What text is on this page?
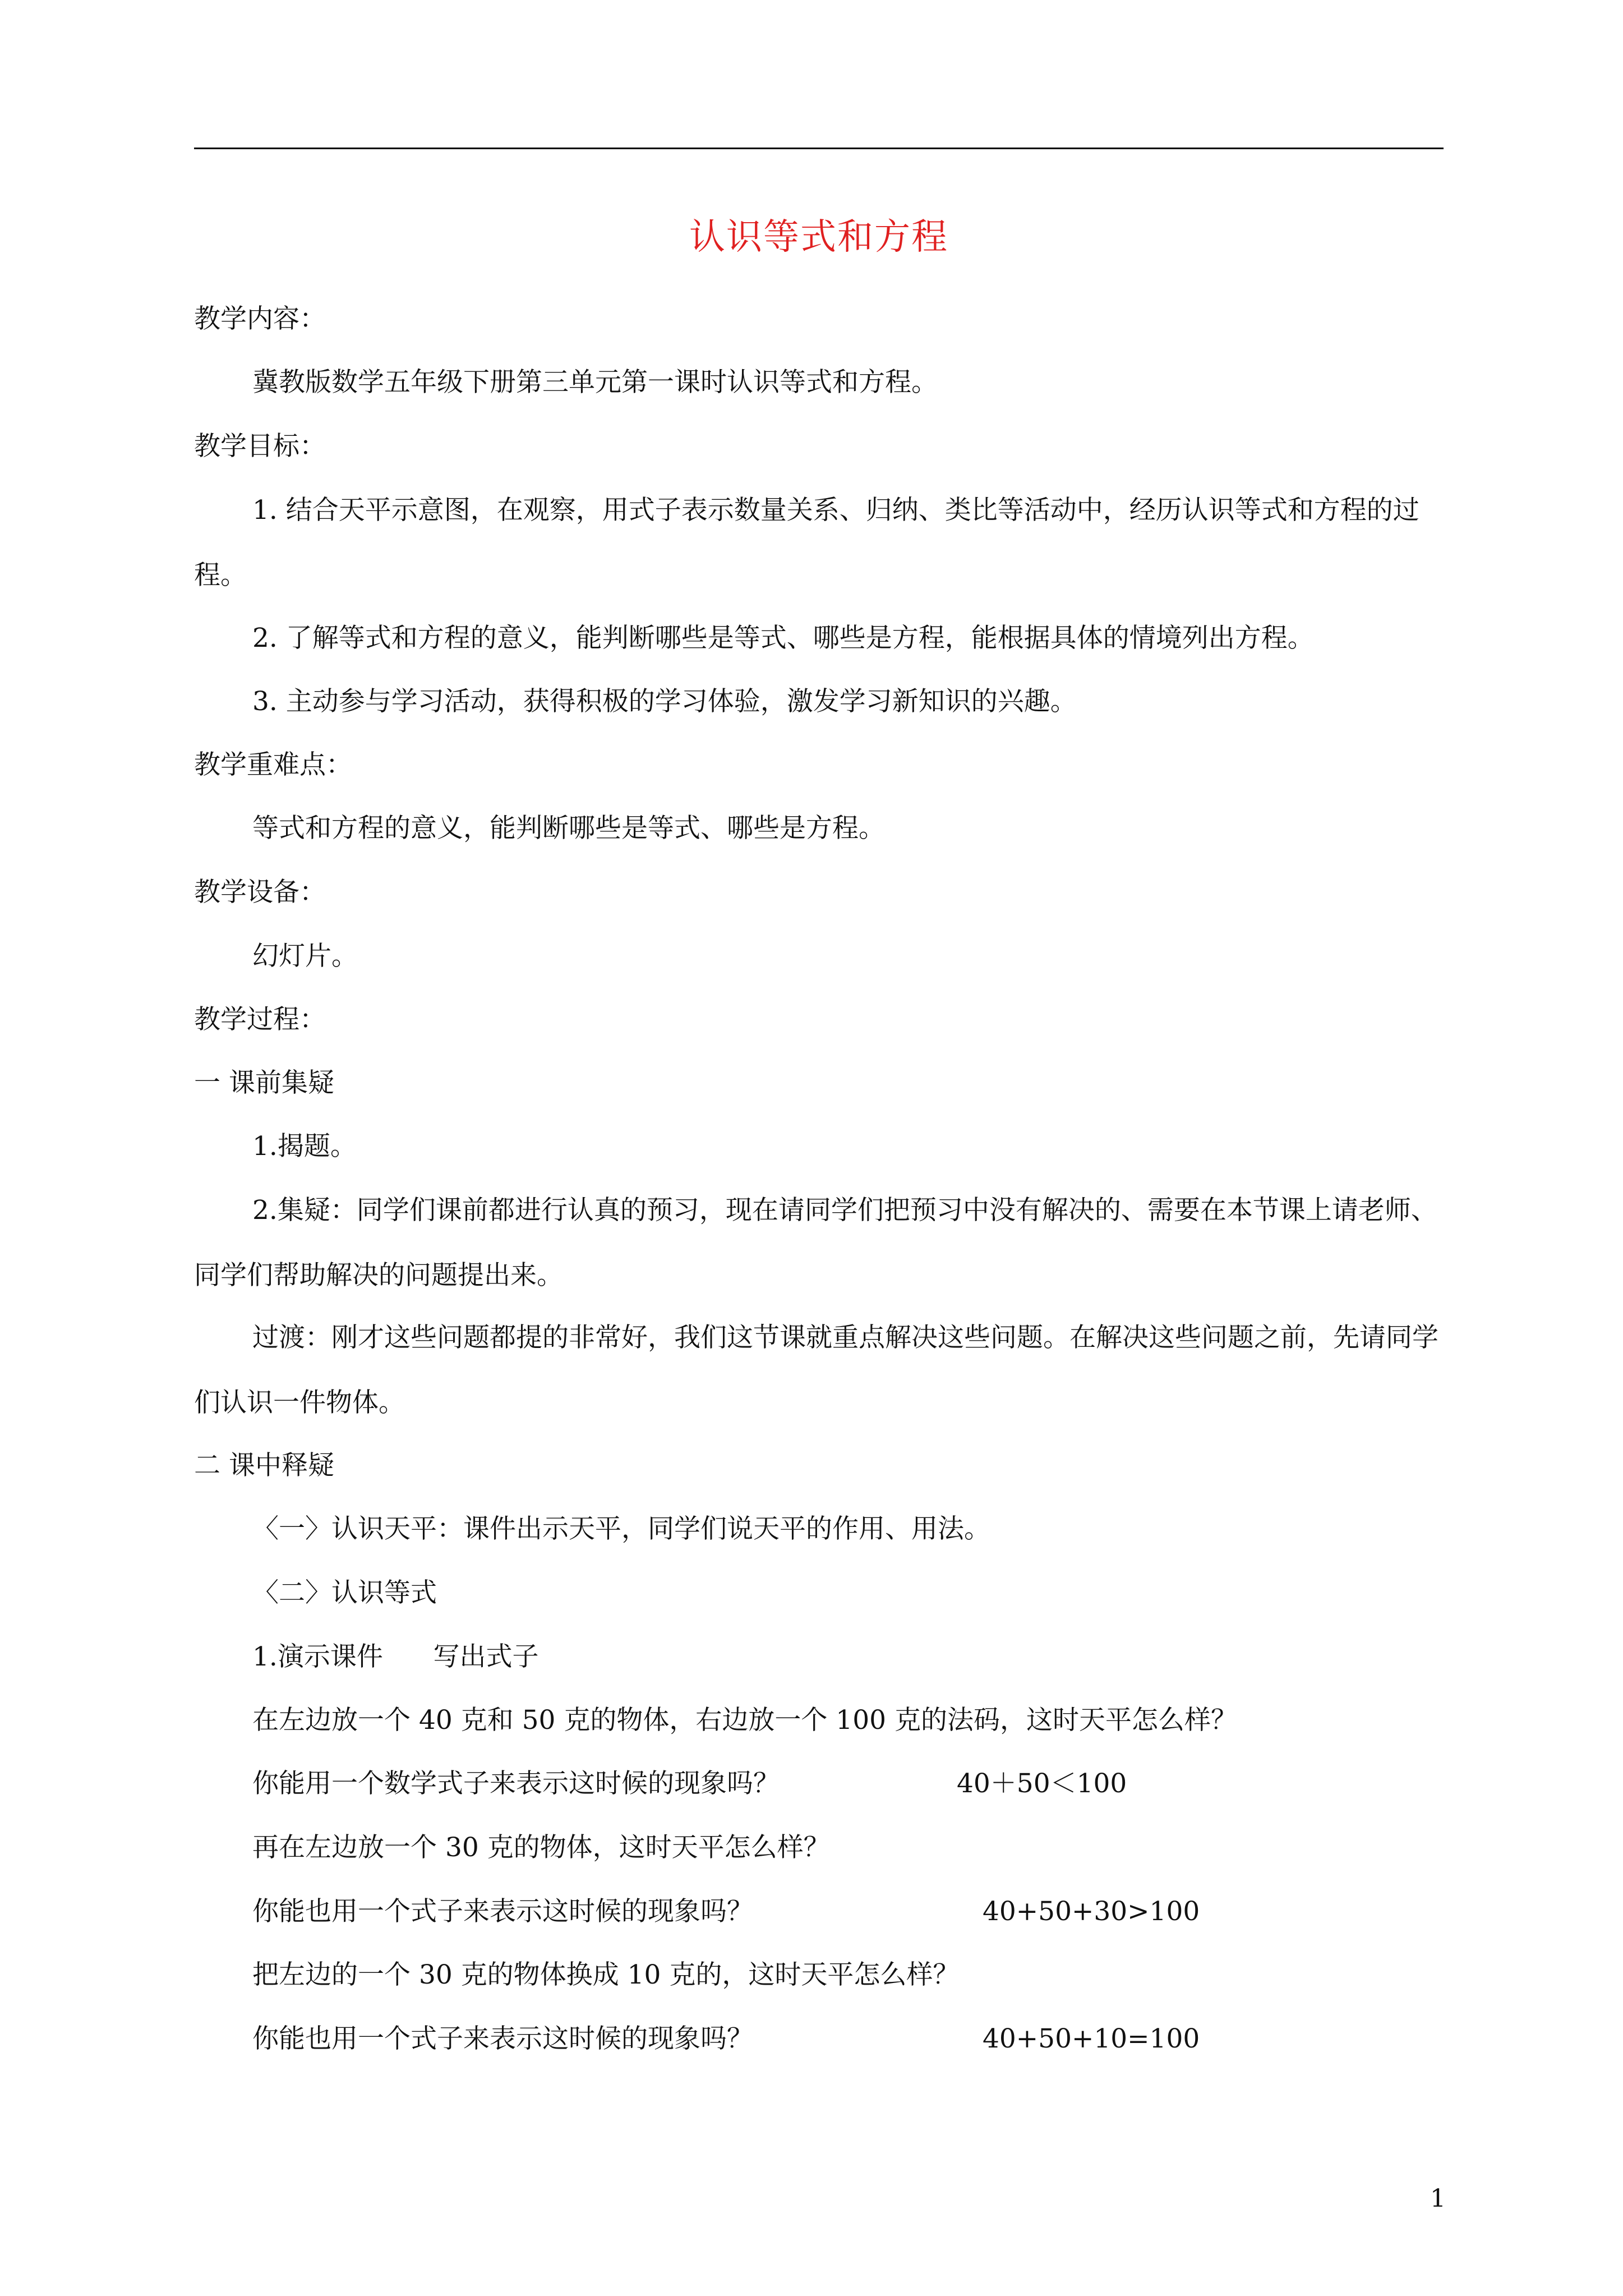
认识等式和方程
教学内容：
冀教版数学五年级下册第三单元第一课时认识等式和方程。
教学目标：
1. 结合天平示意图，在观察，用式子表示数量关系、归纳、类比等活动中，经历认识等式和方程的过程。
2. 了解等式和方程的意义，能判断哪些是等式、哪些是方程，能根据具体的情境列出方程。
3. 主动参与学习活动，获得积极的学习体验，激发学习新知识的兴趣。
教学重难点：
等式和方程的意义，能判断哪些是等式、哪些是方程。
教学设备：
幻灯片。
教学过程：
一 课前集疑
1.揭题。
2.集疑：同学们课前都进行认真的预习，现在请同学们把预习中没有解决的、需要在本节课上请老师、同学们帮助解决的问题提出来。
过渡：刚才这些问题都提的非常好，我们这节课就重点解决这些问题。在解决这些问题之前，先请同学们认识一件物体。
二 课中释疑
〈一〉认识天平：课件出示天平，同学们说天平的作用、用法。
〈二〉认识等式
1.演示课件      写出式子
在左边放一个 40 克和 50 克的物体，右边放一个 100 克的法码，这时天平怎么样？
你能用一个数学式子来表示这时候的现象吗？	40＋50＜100
再在左边放一个 30 克的物体，这时天平怎么样？
你能也用一个式子来表示这时候的现象吗？	40+50+30>100
把左边的一个 30 克的物体换成 10 克的，这时天平怎么样？
你能也用一个式子来表示这时候的现象吗？	40+50+10=100
1
